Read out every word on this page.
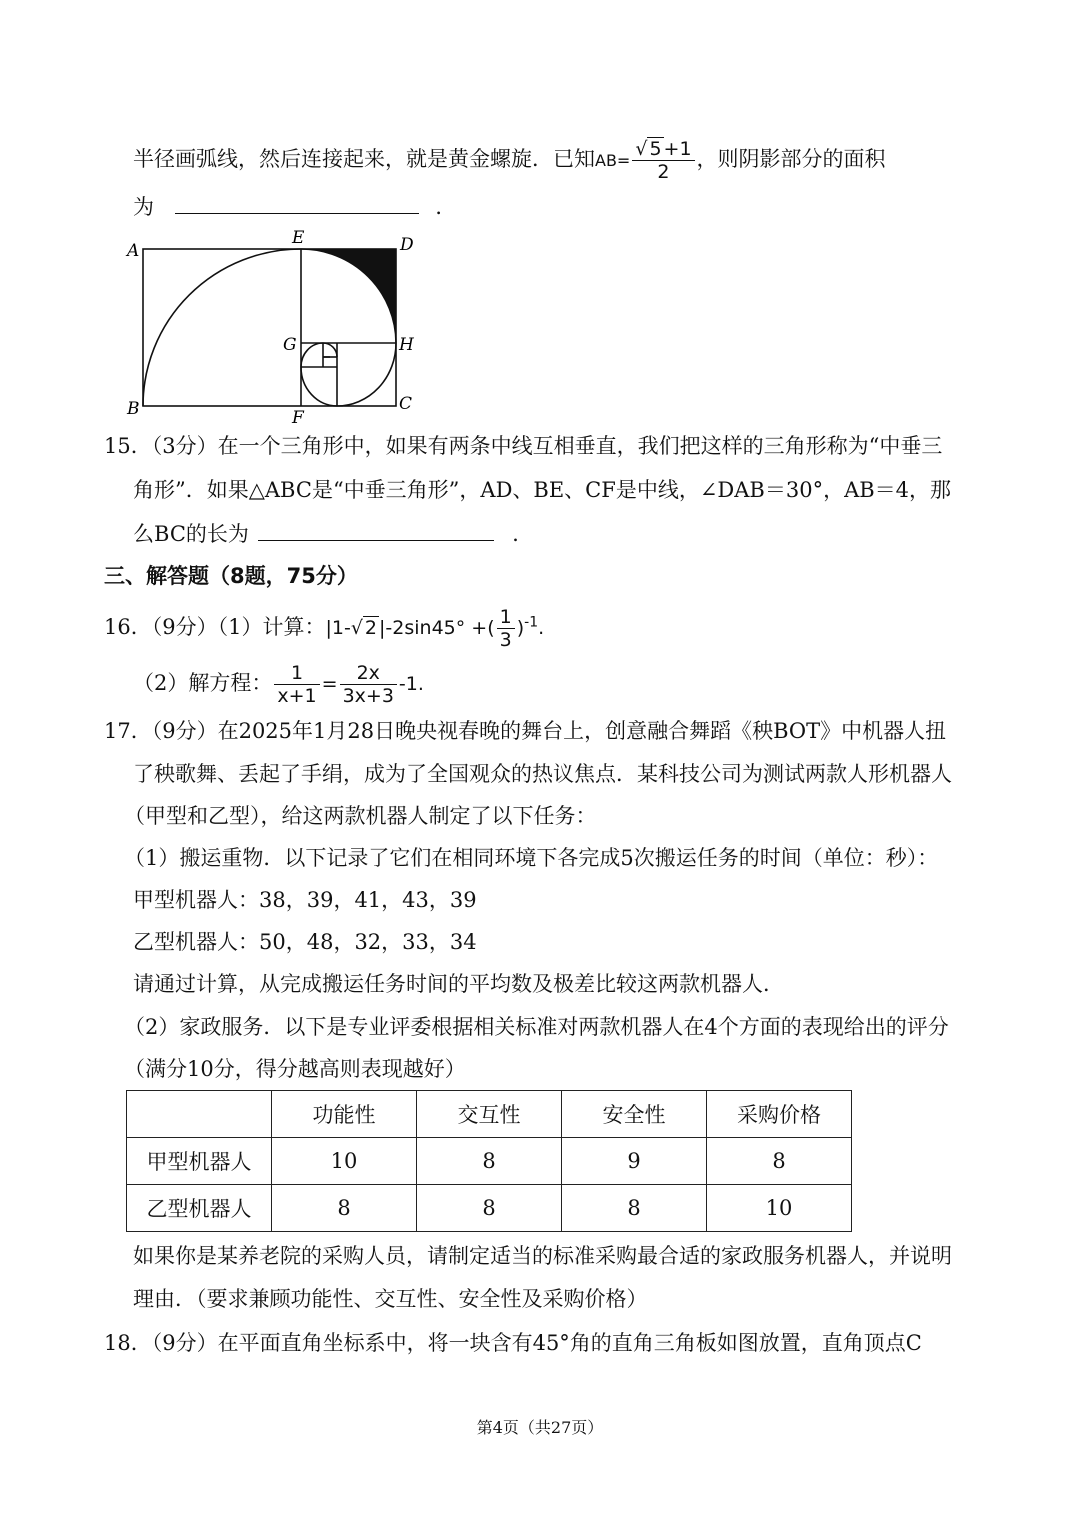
半径画弧线，然后连接起来，就是黄金螺旋．已知$AB= \frac{√ 5 +1}{2}$ ，则阴影部分的面积
为	．
A
E	D
G	H
B	F
C
15．（3分）在一个三角形中，如果有两条中线互相垂直，我们把这样的三角形称为“中垂三
角形”．如果△ABC是“中垂三角形”，AD、BE、CF是中线，∠DAB＝30°，AB＝4，那
么BC的长为	．
三、解答题（8题，75分）
16．（9分）（1）计算：|1-√ 2 |-2sin45° +( $\frac{1}{3} )^{-1}$.
（2）解方程： $\frac{1}{x+1} = \frac{2x}{3x+3} -1$.
17．（9分）在2025年1月28日晚央视春晚的舞台上，创意融合舞蹈《秧BOT》中机器人扭
了秧歌舞、丢起了手绢，成为了全国观众的热议焦点．某科技公司为测试两款人形机器人
（甲型和乙型），给这两款机器人制定了以下任务：
（1）搬运重物．以下记录了它们在相同环境下各完成5次搬运任务的时间（单位：秒）：
甲型机器人：38，39，41，43，39
乙型机器人：50，48，32，33，34
请通过计算，从完成搬运任务时间的平均数及极差比较这两款机器人．
（2）家政服务．以下是专业评委根据相关标准对两款机器人在4个方面的表现给出的评分
（满分10分，得分越高则表现越好）
	功能性	交互性	安全性	采购价格
甲型机器人	10	8	9	8
乙型机器人	8	8	8	10
如果你是某养老院的采购人员，请制定适当的标准采购最合适的家政服务机器人，并说明
理由．（要求兼顾功能性、交互性、安全性及采购价格）
18．（9分）在平面直角坐标系中，将一块含有45°角的直角三角板如图放置，直角顶点C
第4页（共27页）
